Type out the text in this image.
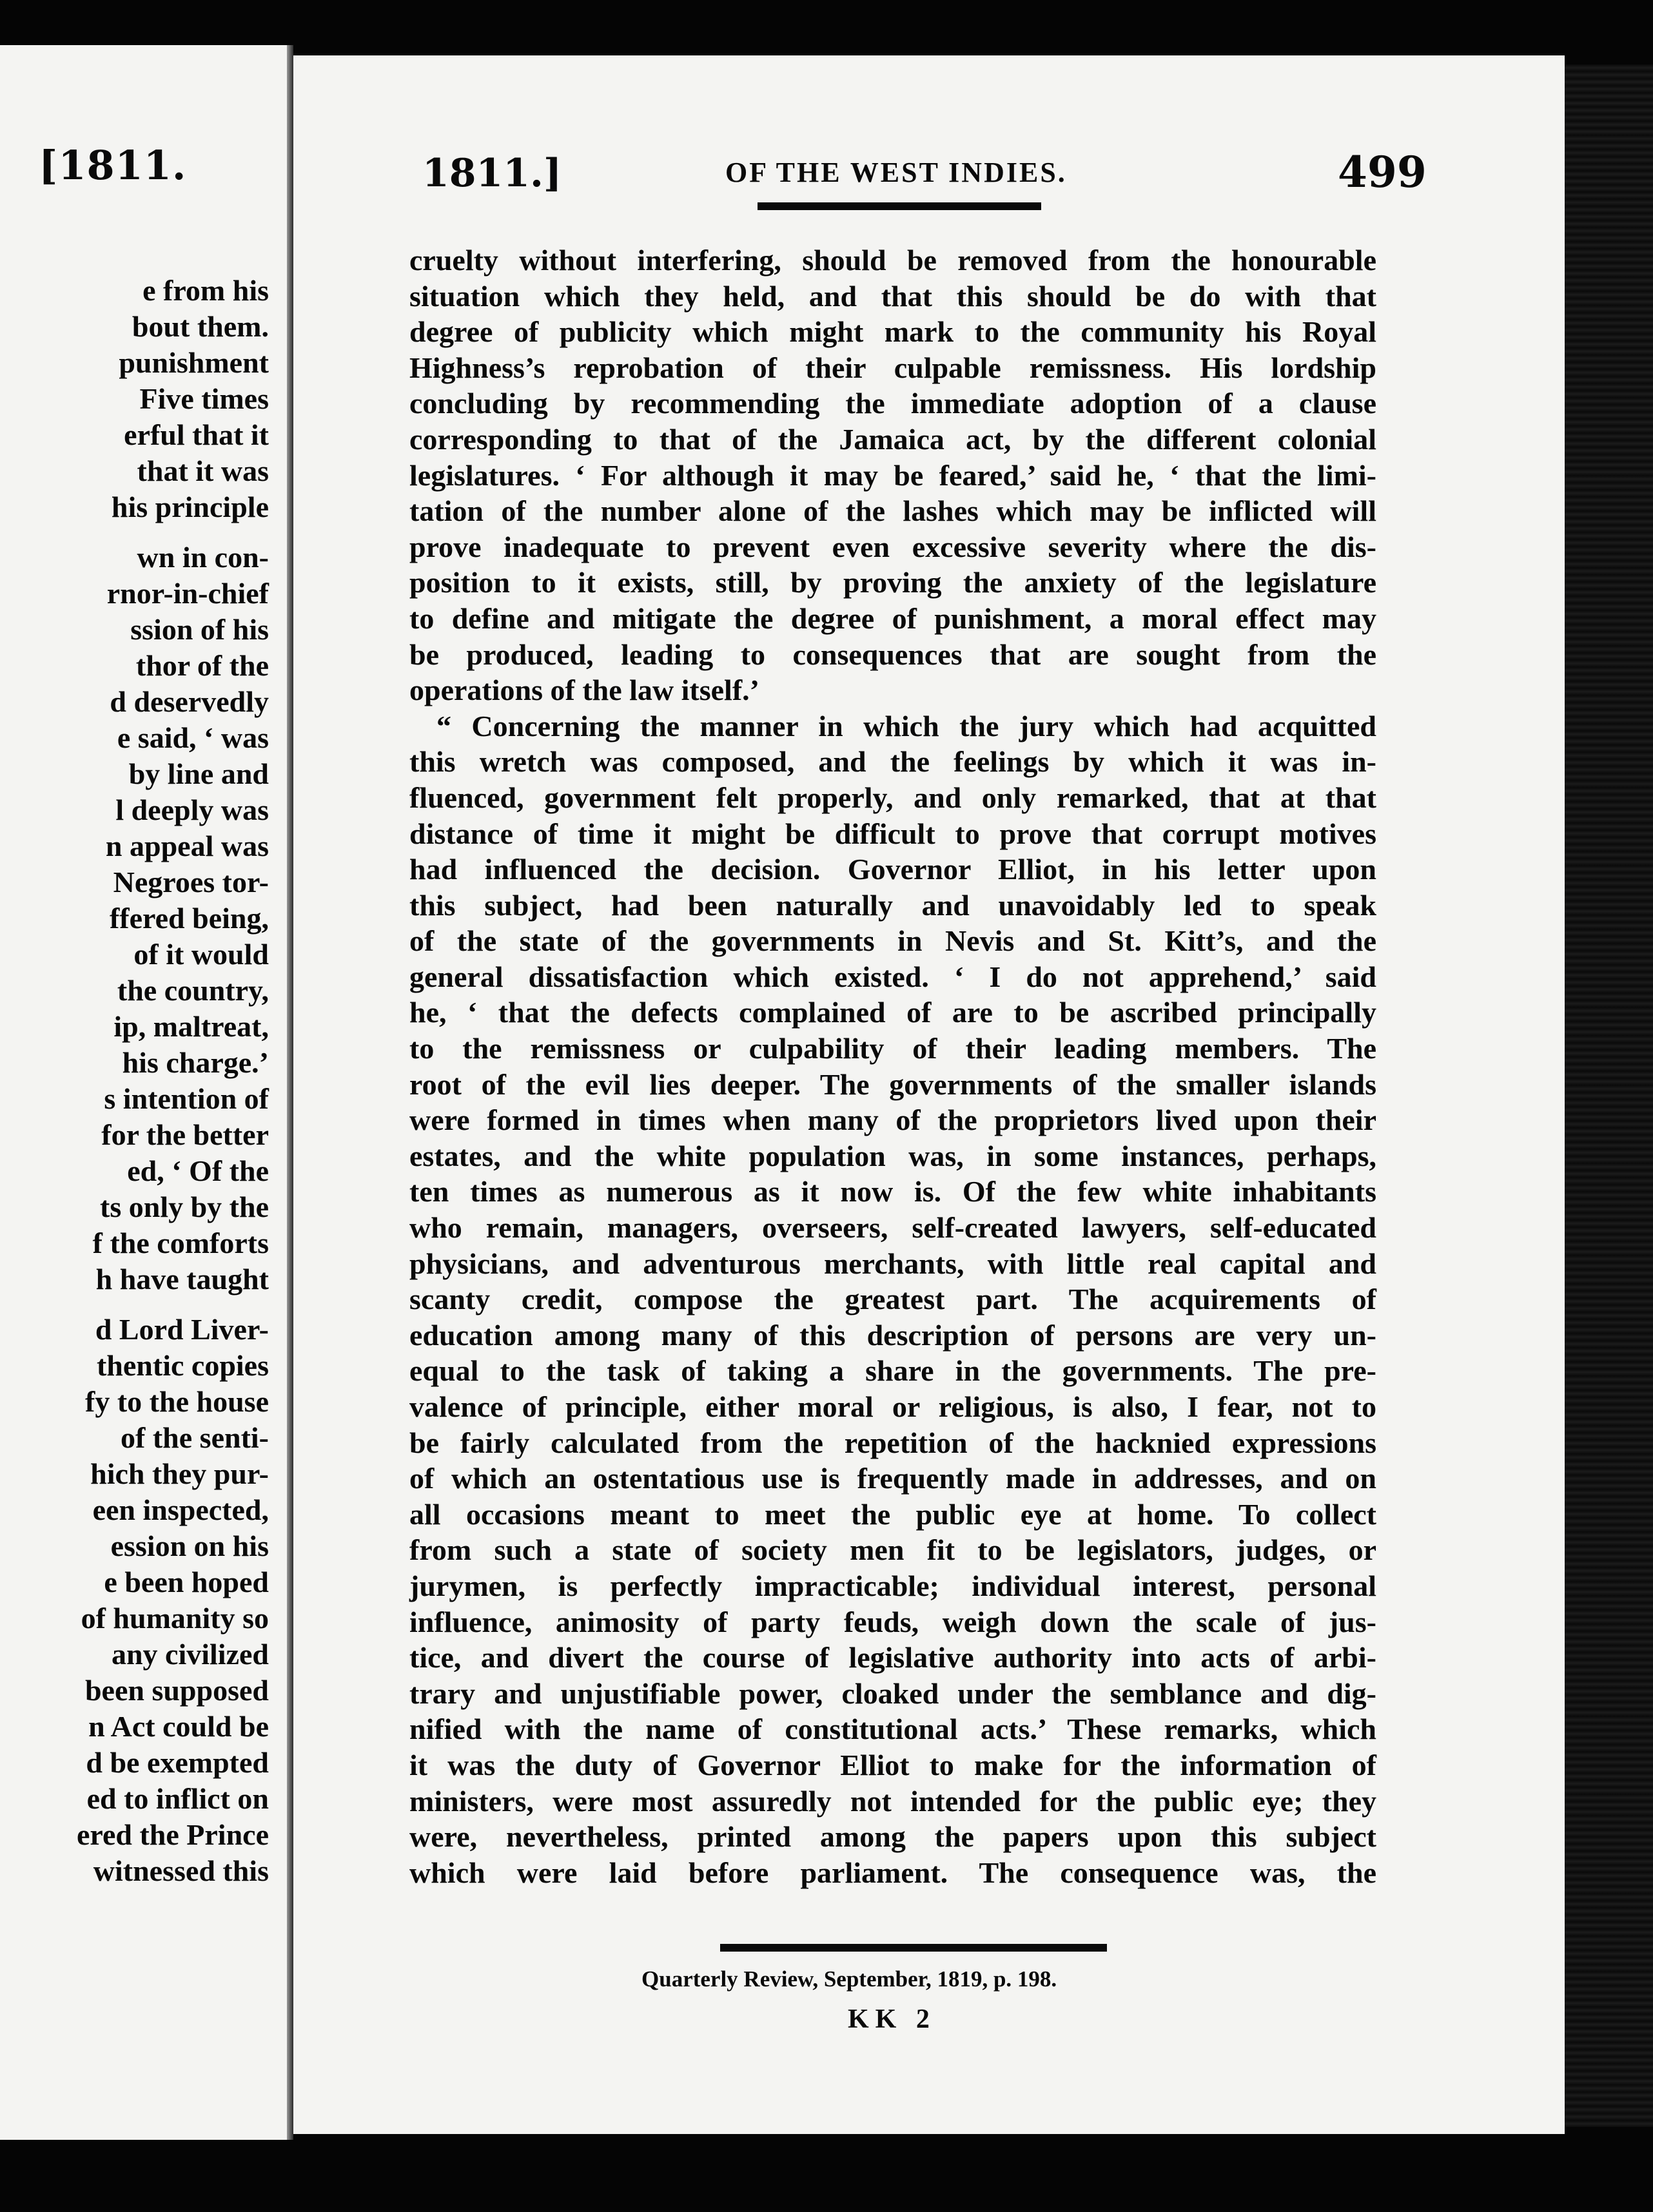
[1811.
e from his
bout them.
punishment
Five times
erful that it
that it was
his principle
wn in con-
rnor-in-chief
ssion of his
thor of the
d deservedly
e said, ‘ was
by line and
l deeply was
n appeal was
Negroes tor-
ffered being,
of it would
the country,
ip, maltreat,
his charge.’
s intention of
for the better
ed, ‘ Of the
ts only by the
f the comforts
h have taught
d Lord Liver-
thentic copies
fy to the house
of the senti-
hich they pur-
een inspected,
ession on his
e been hoped
of humanity so
any civilized
been supposed
n Act could be
d be exempted
ed to inflict on
ered the Prince
witnessed this
1811.]	OF THE WEST INDIES.	499
cruelty without interfering, should be removed from the honourable
situation which they held, and that this should be do with that
degree of publicity which might mark to the community his Royal
Highness’s reprobation of their culpable remissness. His lordship
concluding by recommending the immediate adoption of a clause
corresponding to that of the Jamaica act, by the different colonial
legislatures. ‘ For although it may be feared,’ said he, ‘ that the limi-
tation of the number alone of the lashes which may be inflicted will
prove inadequate to prevent even excessive severity where the dis-
position to it exists, still, by proving the anxiety of the legislature
to define and mitigate the degree of punishment, a moral effect may
be produced, leading to consequences that are sought from the
operations of the law itself.’
“ Concerning the manner in which the jury which had acquitted
this wretch was composed, and the feelings by which it was in-
fluenced, government felt properly, and only remarked, that at that
distance of time it might be difficult to prove that corrupt motives
had influenced the decision. Governor Elliot, in his letter upon
this subject, had been naturally and unavoidably led to speak
of the state of the governments in Nevis and St. Kitt’s, and the
general dissatisfaction which existed. ‘ I do not apprehend,’ said
he, ‘ that the defects complained of are to be ascribed principally
to the remissness or culpability of their leading members. The
root of the evil lies deeper. The governments of the smaller islands
were formed in times when many of the proprietors lived upon their
estates, and the white population was, in some instances, perhaps,
ten times as numerous as it now is. Of the few white inhabitants
who remain, managers, overseers, self-created lawyers, self-educated
physicians, and adventurous merchants, with little real capital and
scanty credit, compose the greatest part. The acquirements of
education among many of this description of persons are very un-
equal to the task of taking a share in the governments. The pre-
valence of principle, either moral or religious, is also, I fear, not to
be fairly calculated from the repetition of the hacknied expressions
of which an ostentatious use is frequently made in addresses, and on
all occasions meant to meet the public eye at home. To collect
from such a state of society men fit to be legislators, judges, or
jurymen, is perfectly impracticable; individual interest, personal
influence, animosity of party feuds, weigh down the scale of jus-
tice, and divert the course of legislative authority into acts of arbi-
trary and unjustifiable power, cloaked under the semblance and dig-
nified with the name of constitutional acts.’ These remarks, which
it was the duty of Governor Elliot to make for the information of
ministers, were most assuredly not intended for the public eye; they
were, nevertheless, printed among the papers upon this subject
which were laid before parliament. The consequence was, the
Quarterly Review, September, 1819, p. 198.
KK 2
